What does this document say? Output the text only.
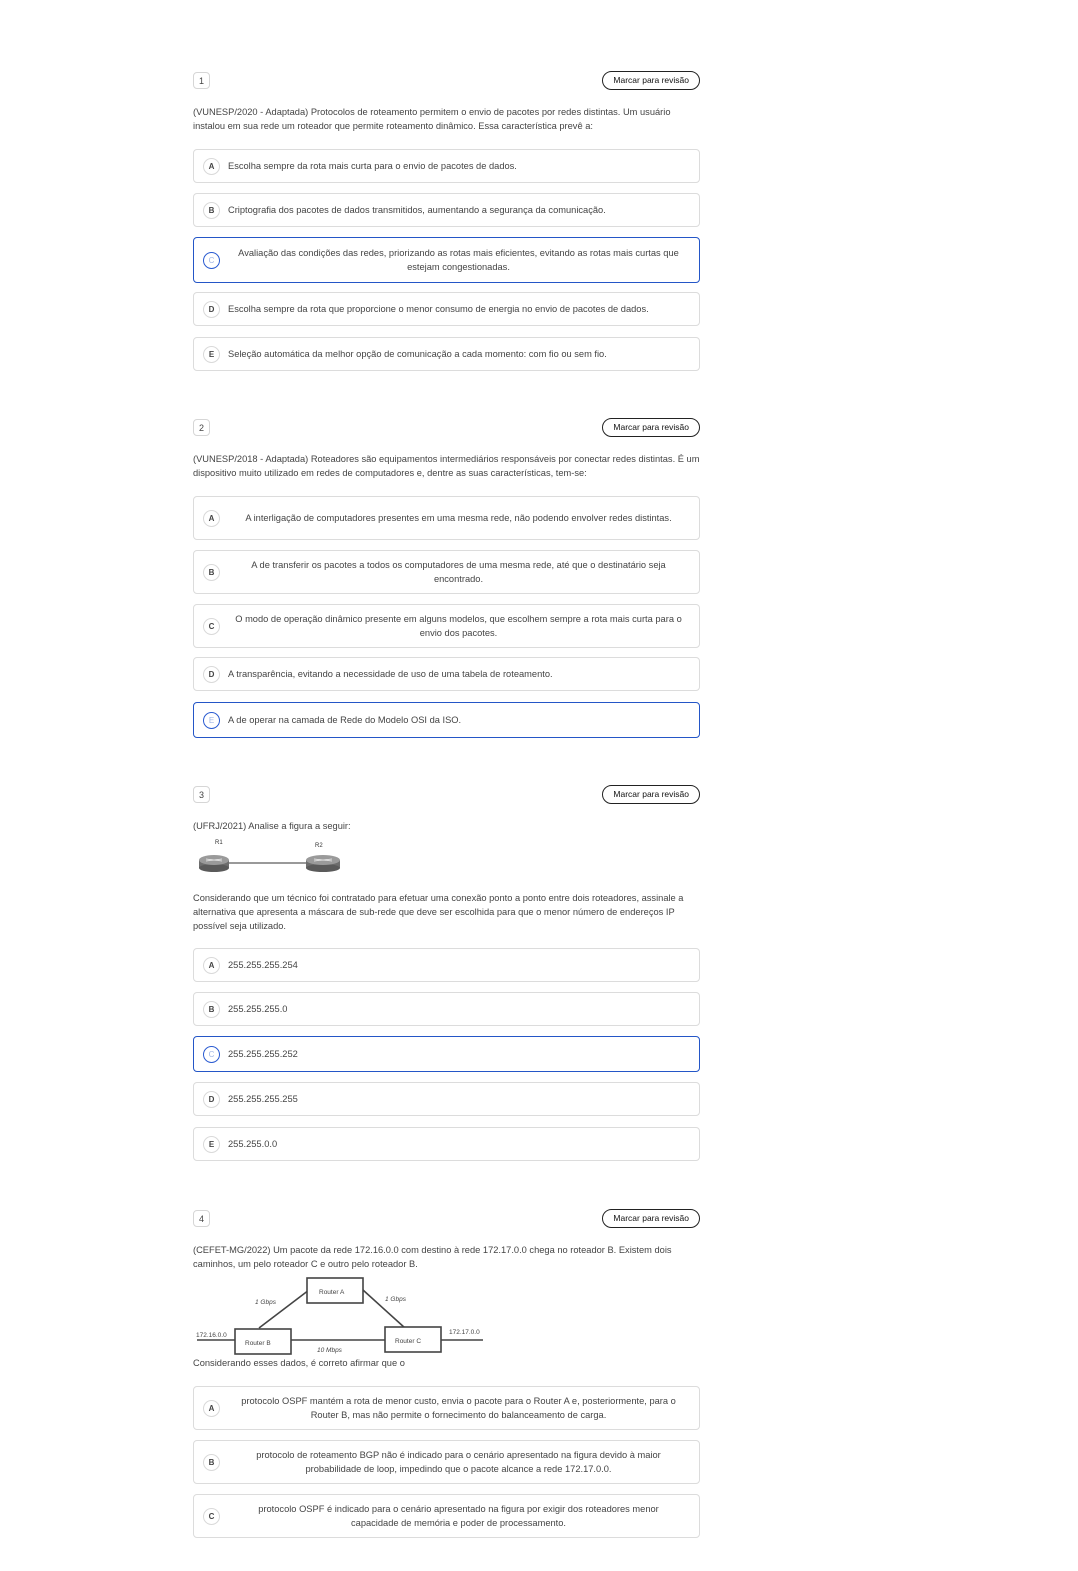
1	Marcar para revisão

(VUNESP/2020 - Adaptada) Protocolos de roteamento permitem o envio de pacotes por redes distintas. Um usuário instalou em sua rede um roteador que permite roteamento dinâmico. Essa característica prevê a:

A	Escolha sempre da rota mais curta para o envio de pacotes de dados.
B	Criptografia dos pacotes de dados transmitidos, aumentando a segurança da comunicação.
C
Avaliação das condições das redes, priorizando as rotas mais eficientes, evitando as rotas mais curtas que estejam congestionadas.
D	Escolha sempre da rota que proporcione o menor consumo de energia no envio de pacotes de dados.
E	Seleção automática da melhor opção de comunicação a cada momento: com fio ou sem fio.
2	Marcar para revisão

(VUNESP/2018 - Adaptada) Roteadores são equipamentos intermediários responsáveis por conectar redes distintas. É um dispositivo muito utilizado em redes de computadores e, dentre as suas características, tem-se:

A	A interligação de computadores presentes em uma mesma rede, não podendo envolver redes distintas.
B
A de transferir os pacotes a todos os computadores de uma mesma rede, até que o destinatário seja encontrado.
C
O modo de operação dinâmico presente em alguns modelos, que escolhem sempre a rota mais curta para o envio dos pacotes.
D	A transparência, evitando a necessidade de uso de uma tabela de roteamento.
E	A de operar na camada de Rede do Modelo OSI da ISO.
3	Marcar para revisão

(UFRJ/2021) Analise a figura a seguir:

R1	R2

Considerando que um técnico foi contratado para efetuar uma conexão ponto a ponto entre dois roteadores, assinale a alternativa que apresenta a máscara de sub-rede que deve ser escolhida para que o menor número de endereços IP possível seja utilizado.

A	255.255.255.254
B	255.255.255.0
C	255.255.255.252
D	255.255.255.255
E	255.255.0.0
4	Marcar para revisão

(CEFET-MG/2022) Um pacote da rede 172.16.0.0 com destino à rede 172.17.0.0 chega no roteador B. Existem dois caminhos, um pelo roteador C e outro pelo roteador B.

Router A
Router B	Router C
1 Gbps	1 Gbps
10 Mbps
172.16.0.0	172.17.0.0

Considerando esses dados, é correto afirmar que o

A
protocolo OSPF mantém a rota de menor custo, envia o pacote para o Router A e, posteriormente, para o Router B, mas não permite o fornecimento do balanceamento de carga.
B
protocolo de roteamento BGP não é indicado para o cenário apresentado na figura devido à maior probabilidade de loop, impedindo que o pacote alcance a rede 172.17.0.0.
C
protocolo OSPF é indicado para o cenário apresentado na figura por exigir dos roteadores menor capacidade de memória e poder de processamento.
